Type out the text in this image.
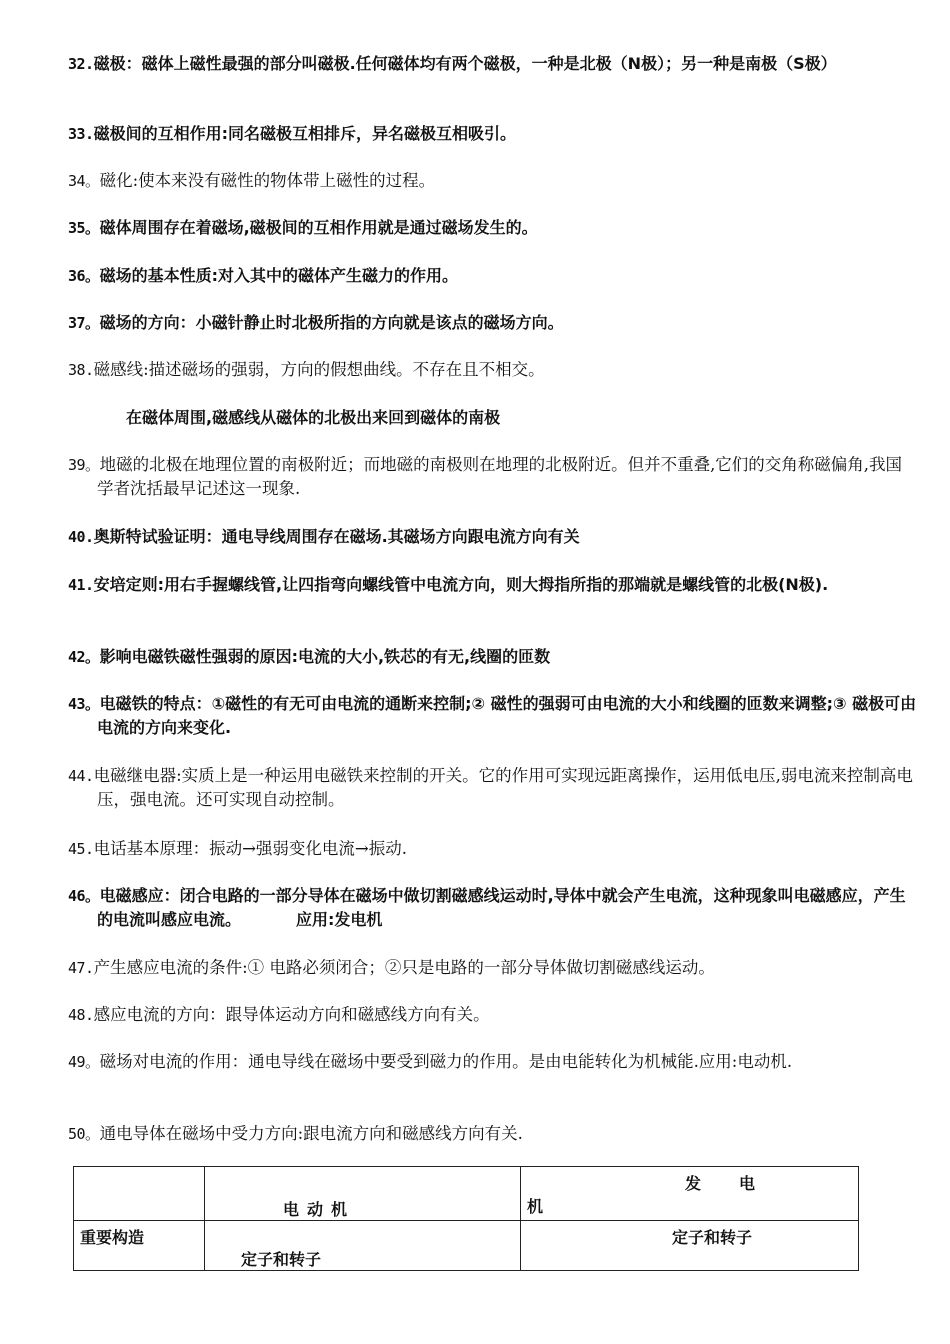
32.磁极：磁体上磁性最强的部分叫磁极.任何磁体均有两个磁极，一种是北极（N极）；另一种是南极（S极）
33.磁极间的互相作用:同名磁极互相排斥，异名磁极互相吸引。
34。磁化:使本来没有磁性的物体带上磁性的过程。
35。磁体周围存在着磁场,磁极间的互相作用就是通过磁场发生的。
36。磁场的基本性质:对入其中的磁体产生磁力的作用。
37。磁场的方向：小磁针静止时北极所指的方向就是该点的磁场方向。
38.磁感线:描述磁场的强弱，方向的假想曲线。不存在且不相交。
在磁体周围,磁感线从磁体的北极出来回到磁体的南极
39。地磁的北极在地理位置的南极附近；而地磁的南极则在地理的北极附近。但并不重叠,它们的交角称磁偏角,我国学者沈括最早记述这一现象.
40.奥斯特试验证明：通电导线周围存在磁场.其磁场方向跟电流方向有关
41.安培定则:用右手握螺线管,让四指弯向螺线管中电流方向，则大拇指所指的那端就是螺线管的北极(N极).
42。影响电磁铁磁性强弱的原因:电流的大小,铁芯的有无,线圈的匝数
43。电磁铁的特点：①磁性的有无可由电流的通断来控制;② 磁性的强弱可由电流的大小和线圈的匝数来调整;③ 磁极可由电流的方向来变化.
44.电磁继电器:实质上是一种运用电磁铁来控制的开关。它的作用可实现远距离操作，运用低电压,弱电流来控制高电压，强电流。还可实现自动控制。
45.电话基本原理：振动→强弱变化电流→振动.
46。电磁感应：闭合电路的一部分导体在磁场中做切割磁感线运动时,导体中就会产生电流，这种现象叫电磁感应，产生的电流叫感应电流。	应用:发电机
47.产生感应电流的条件:① 电路必须闭合；②只是电路的一部分导体做切割磁感线运动。
48.感应电流的方向：跟导体运动方向和磁感线方向有关。
49。磁场对电流的作用：通电导线在磁场中要受到磁力的作用。是由电能转化为机械能.应用:电动机.
50。通电导体在磁场中受力方向:跟电流方向和磁感线方向有关.

	电动机	发电
机

重要构造	定子和转子	定子和转子
